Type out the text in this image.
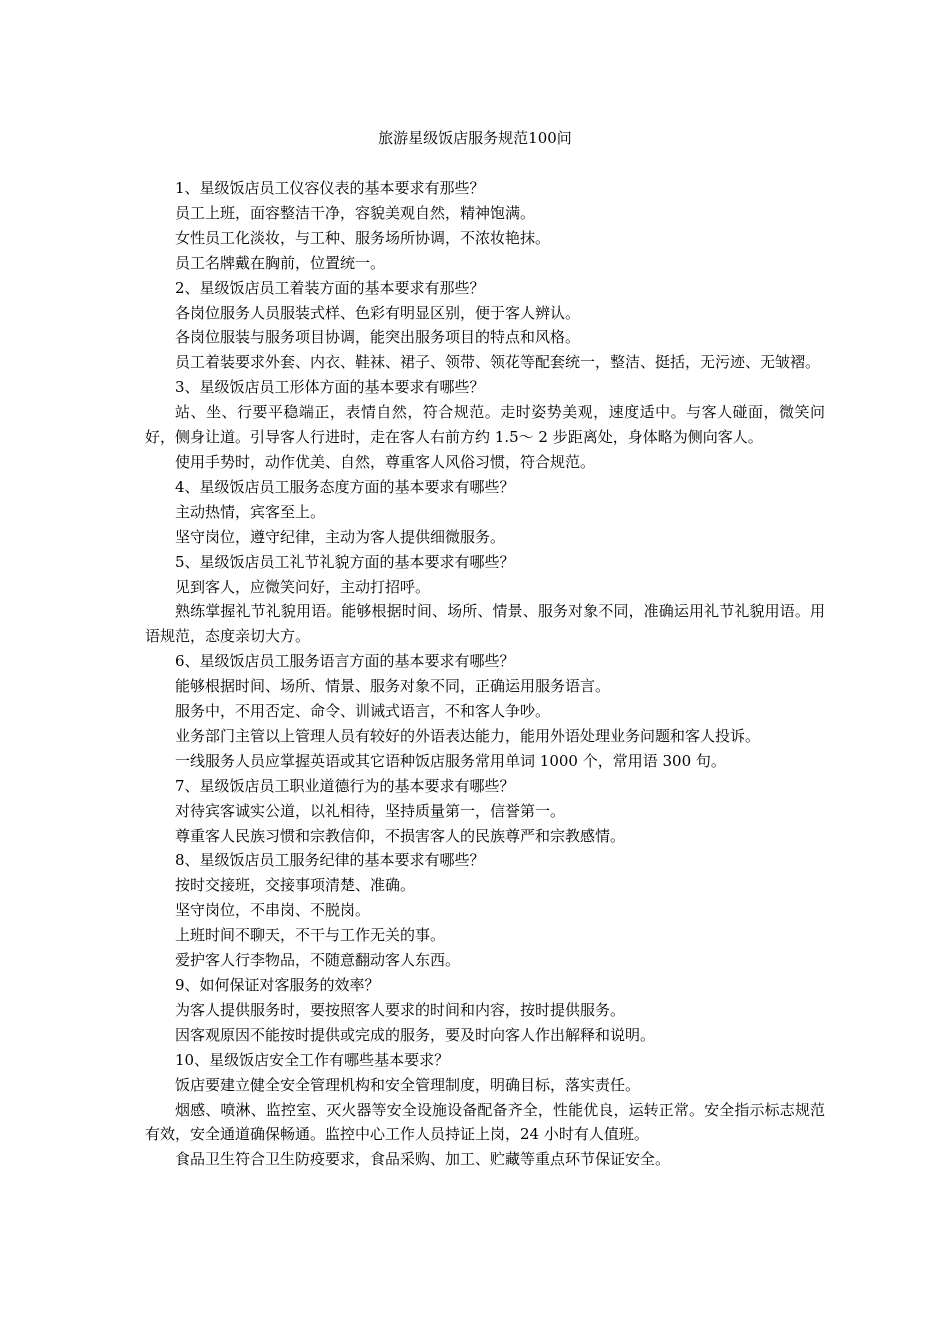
旅游星级饭店服务规范100问

1、星级饭店员工仪容仪表的基本要求有那些？

员工上班，面容整洁干净，容貌美观自然，精神饱满。

女性员工化淡妆，与工种、服务场所协调，不浓妆艳抹。

员工名牌戴在胸前，位置统一。

2、星级饭店员工着装方面的基本要求有那些？

各岗位服务人员服装式样、色彩有明显区别，便于客人辨认。

各岗位服装与服务项目协调，能突出服务项目的特点和风格。

员工着装要求外套、内衣、鞋袜、裙子、领带、领花等配套统一，整洁、挺括，无污迹、无皱褶。

3、星级饭店员工形体方面的基本要求有哪些？

站、坐、行要平稳端正，表情自然，符合规范。走时姿势美观，速度适中。与客人碰面，微笑问好，侧身让道。引导客人行进时，走在客人右前方约 1.5～ 2 步距离处，身体略为侧向客人。

使用手势时，动作优美、自然，尊重客人风俗习惯，符合规范。

4、星级饭店员工服务态度方面的基本要求有哪些？

主动热情，宾客至上。

坚守岗位，遵守纪律，主动为客人提供细微服务。

5、星级饭店员工礼节礼貌方面的基本要求有哪些？

见到客人，应微笑问好，主动打招呼。

熟练掌握礼节礼貌用语。能够根据时间、场所、情景、服务对象不同，准确运用礼节礼貌用语。用语规范，态度亲切大方。

6、星级饭店员工服务语言方面的基本要求有哪些？

能够根据时间、场所、情景、服务对象不同，正确运用服务语言。

服务中，不用否定、命令、训诫式语言，不和客人争吵。

业务部门主管以上管理人员有较好的外语表达能力，能用外语处理业务问题和客人投诉。

一线服务人员应掌握英语或其它语种饭店服务常用单词 1000 个，常用语 300 句。

7、星级饭店员工职业道德行为的基本要求有哪些？

对待宾客诚实公道，以礼相待，坚持质量第一，信誉第一。

尊重客人民族习惯和宗教信仰，不损害客人的民族尊严和宗教感情。

8、星级饭店员工服务纪律的基本要求有哪些？

按时交接班，交接事项清楚、准确。

坚守岗位，不串岗、不脱岗。

上班时间不聊天，不干与工作无关的事。

爱护客人行李物品，不随意翻动客人东西。

9、如何保证对客服务的效率？

为客人提供服务时，要按照客人要求的时间和内容，按时提供服务。

因客观原因不能按时提供或完成的服务，要及时向客人作出解释和说明。

10、星级饭店安全工作有哪些基本要求？

饭店要建立健全安全管理机构和安全管理制度，明确目标，落实责任。

烟感、喷淋、监控室、灭火器等安全设施设备配备齐全，性能优良，运转正常。安全指示标志规范有效，安全通道确保畅通。监控中心工作人员持证上岗，24 小时有人值班。

食品卫生符合卫生防疫要求，食品采购、加工、贮藏等重点环节保证安全。
